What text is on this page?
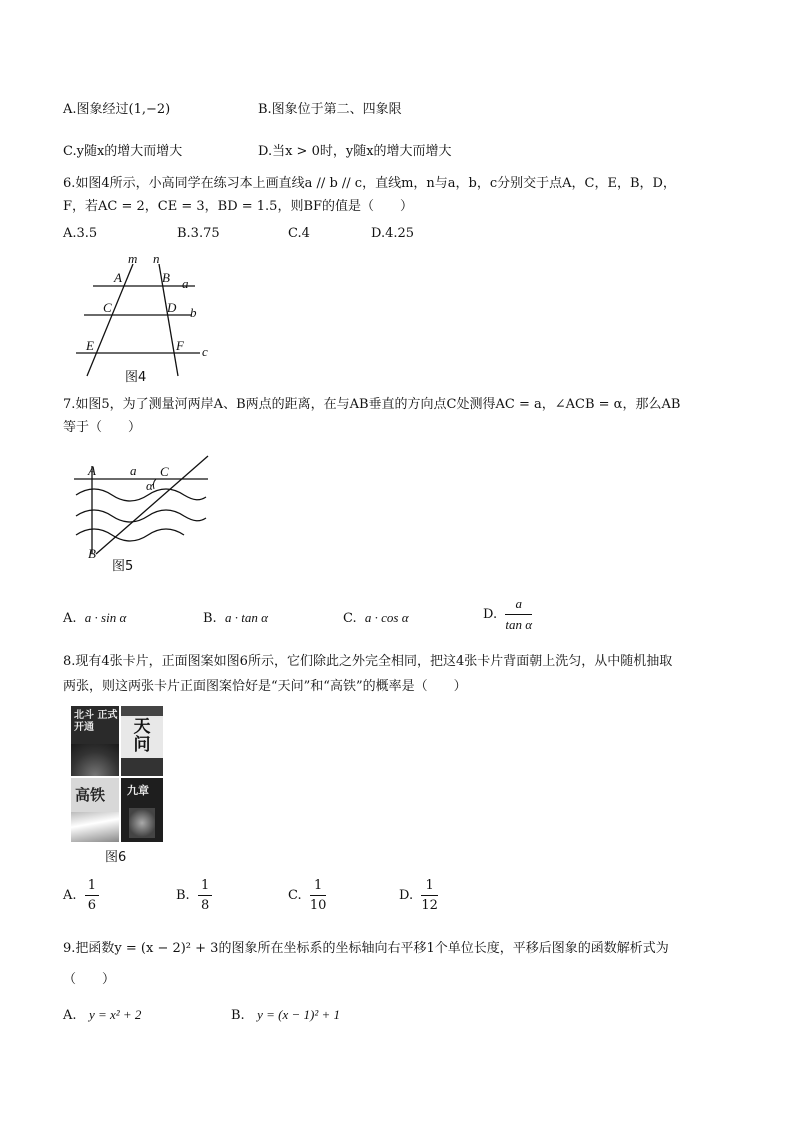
A.图象经过(1,−2)	B.图象位于第二、四象限
C.y随x的增大而增大	D.当x > 0时，y随x的增大而增大
6.如图4所示，小高同学在练习本上画直线a // b // c，直线m，n与a，b，c分别交于点A，C，E，B，D，
F，若AC = 2，CE = 3，BD = 1.5，则BF的值是（　　）
A.3.5	B.3.75	C.4	D.4.25
m n
A	B a
C	D b
E	F c
图4
7.如图5，为了测量河两岸A、B两点的距离，在与AB垂直的方向点C处测得AC = a，∠ACB = α，那么AB
等于（　　）
A	a C
α
B
图5
A. a · sin α	B. a · tan α	C. a · cos α	D. $\frac{a}{\text{tan α}}$
8.现有4张卡片，正面图案如图6所示，它们除此之外完全相同，把这4张卡片背面朝上洗匀，从中随机抽取
两张，则这两张卡片正面图案恰好是“天问”和“高铁”的概率是（　　）
北斗 正式开通	天问
高铁 九章
图6
A. $\frac{1}{6}$	B. $\frac{1}{8}$	C. $\frac{1}{10}$	D. $\frac{1}{12}$
9.把函数y = (x − 2)² + 3的图象所在坐标系的坐标轴向右平移1个单位长度，平移后图象的函数解析式为
（　　）
A. y = x² + 2	B. y = (x − 1)² + 1
